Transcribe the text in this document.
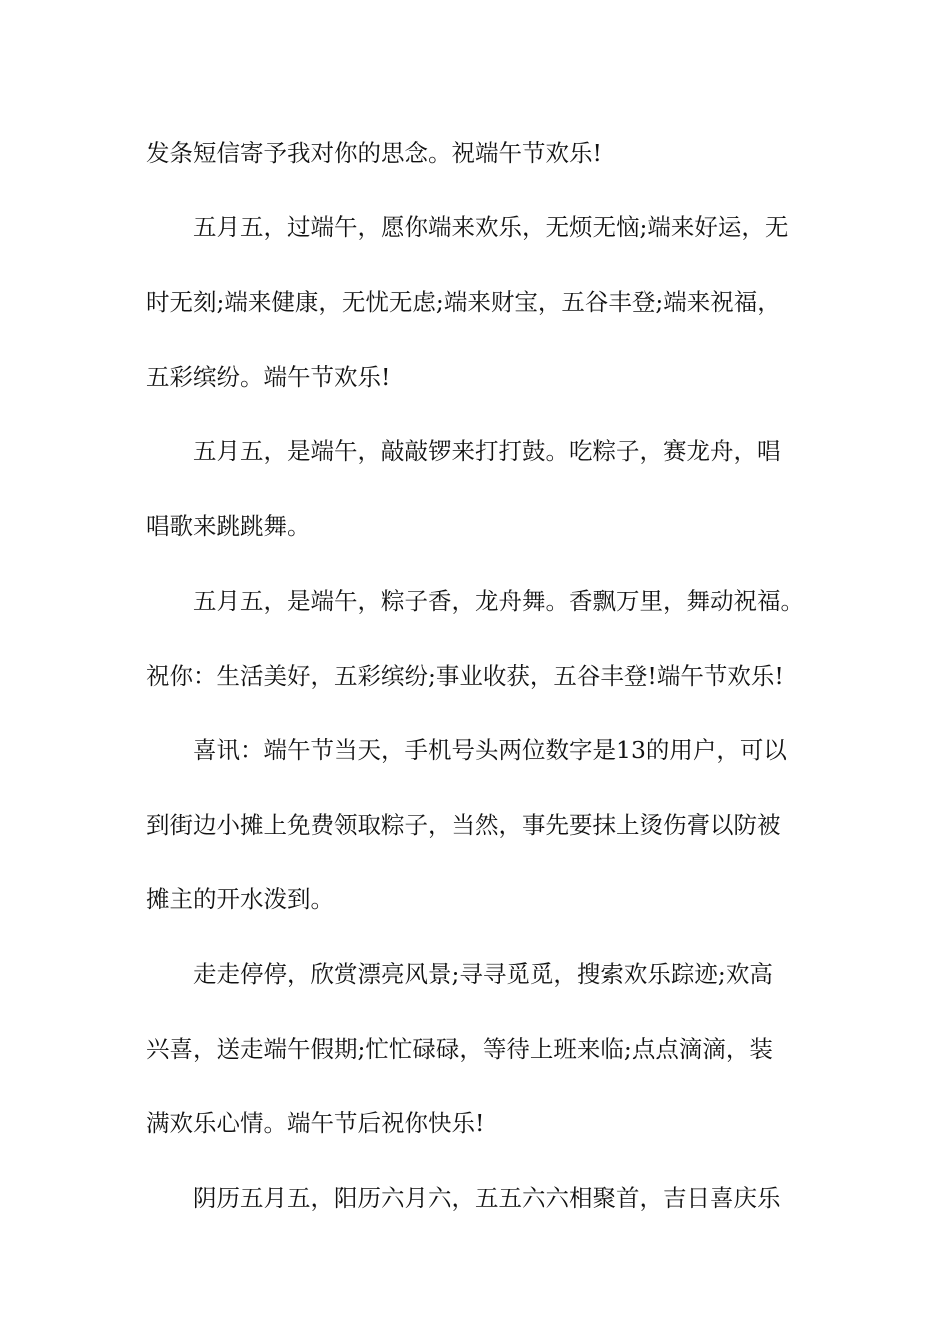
发条短信寄予我对你的思念。祝端午节欢乐!
五月五，过端午，愿你端来欢乐，无烦无恼;端来好运，无
时无刻;端来健康，无忧无虑;端来财宝，五谷丰登;端来祝福，
五彩缤纷。端午节欢乐!
五月五，是端午，敲敲锣来打打鼓。吃粽子，赛龙舟，唱
唱歌来跳跳舞。
五月五，是端午，粽子香，龙舟舞。香飘万里，舞动祝福。
祝你：生活美好，五彩缤纷;事业收获，五谷丰登!端午节欢乐!
喜讯：端午节当天，手机号头两位数字是13的用户，可以
到街边小摊上免费领取粽子，当然，事先要抹上烫伤膏以防被
摊主的开水泼到。
走走停停，欣赏漂亮风景;寻寻觅觅，搜索欢乐踪迹;欢高
兴喜，送走端午假期;忙忙碌碌，等待上班来临;点点滴滴，装
满欢乐心情。端午节后祝你快乐!
阴历五月五，阳历六月六，五五六六相聚首，吉日喜庆乐
